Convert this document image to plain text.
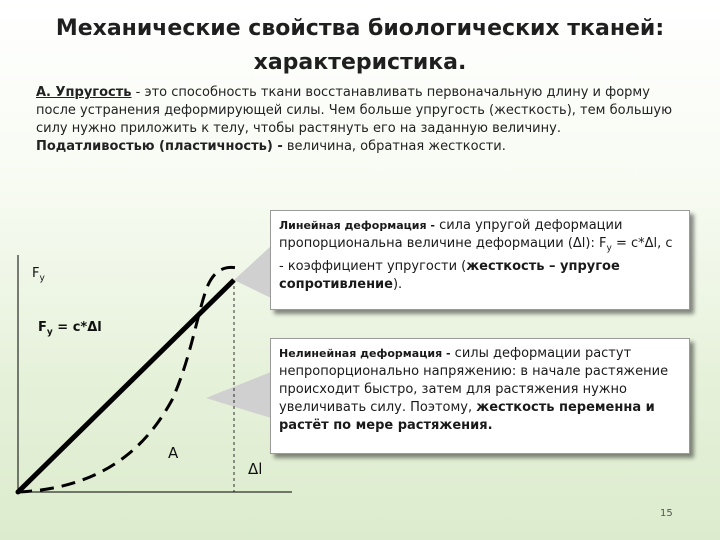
Механические свойства биологических тканей:
характеристика.
А. Упругость - это способность ткани восстанавливать первоначальную длину и форму после устранения деформирующей силы. Чем больше упругость (жесткость), тем большую силу нужно приложить к телу, чтобы растянуть его на заданную величину.
Податливостью (пластичность) - величина, обратная жесткости.
$F_у$
$F_у = с*\Delta l$
A
Δl
Линейная деформация - сила упругой деформации пропорциональна величине деформации (Δl): $F_у = с*\Delta l$, с - коэффициент упругости (жесткость – упругое сопротивление).
Нелинейная деформация - силы деформации растут непропорционально напряжению: в начале растяжение происходит быстро, затем для растяжения нужно увеличивать силу. Поэтому, жесткость переменна и растёт по мере растяжения.
15
